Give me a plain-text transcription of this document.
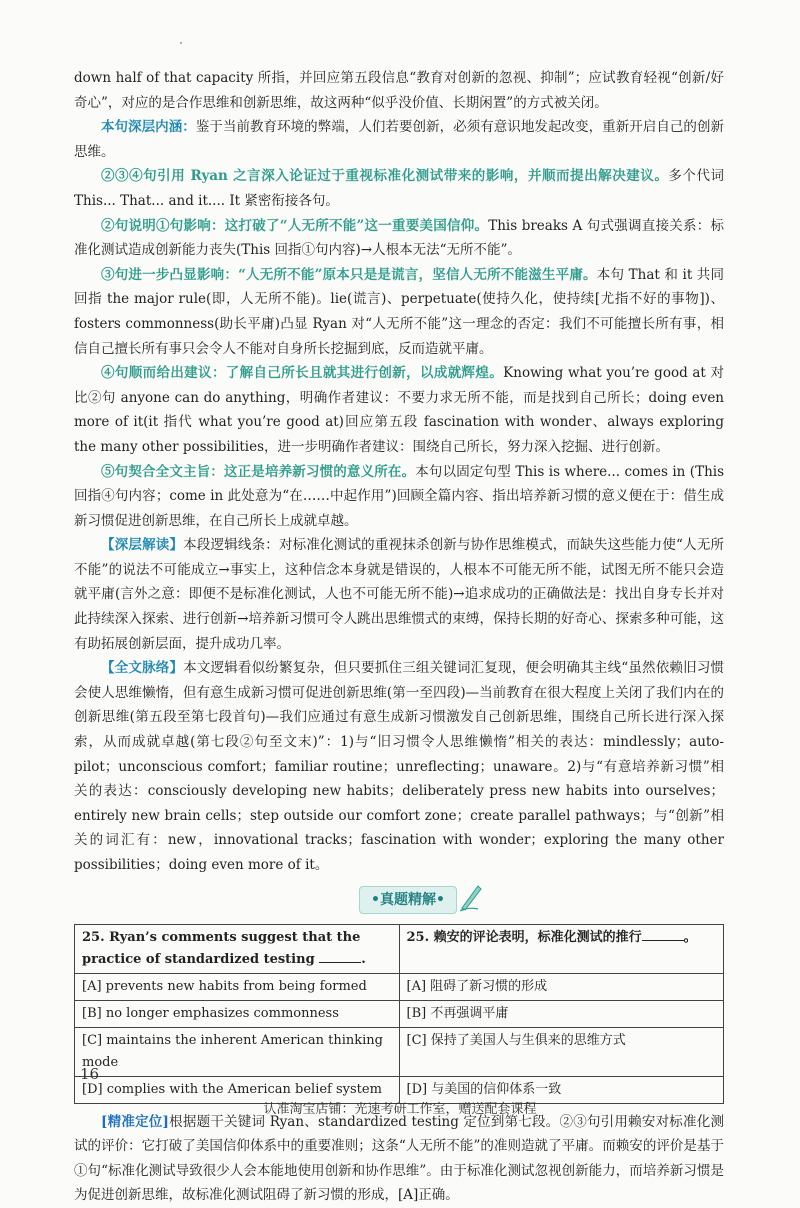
down half of that capacity 所指，并回应第五段信息“教育对创新的忽视、抑制”；应试教育轻视“创新/好奇心”，对应的是合作思维和创新思维，故这两种“似乎没价值、长期闲置”的方式被关闭。

本句深层内涵：鉴于当前教育环境的弊端，人们若要创新，必须有意识地发起改变，重新开启自己的创新思维。

②③④句引用 Ryan 之言深入论证过于重视标准化测试带来的影响，并顺而提出解决建议。多个代词 This... That... and it.... It 紧密衔接各句。

②句说明①句影响：这打破了“人无所不能”这一重要美国信仰。This breaks A 句式强调直接关系：标准化测试造成创新能力丧失(This 回指①句内容)→人根本无法“无所不能”。

③句进一步凸显影响：“人无所不能”原本只是是谎言，坚信人无所不能滋生平庸。本句 That 和 it 共同回指 the major rule(即，人无所不能)。lie(谎言)、perpetuate(使持久化，使持续[尤指不好的事物])、fosters commonness(助长平庸)凸显 Ryan 对“人无所不能”这一理念的否定：我们不可能擅长所有事，相信自己擅长所有事只会令人不能对自身所长挖掘到底，反而造就平庸。

④句顺而给出建议：了解自己所长且就其进行创新，以成就辉煌。Knowing what you’re good at 对比②句 anyone can do anything，明确作者建议：不要力求无所不能，而是找到自己所长；doing even more of it(it 指代 what you’re good at)回应第五段 fascination with wonder、always exploring the many other possibilities，进一步明确作者建议：围绕自己所长，努力深入挖掘、进行创新。

⑤句契合全文主旨：这正是培养新习惯的意义所在。本句以固定句型 This is where... comes in (This 回指④句内容；come in 此处意为“在……中起作用”)回顾全篇内容、指出培养新习惯的意义便在于：借生成新习惯促进创新思维，在自己所长上成就卓越。

【深层解读】本段逻辑线条：对标准化测试的重视抹杀创新与协作思维模式，而缺失这些能力使“人无所不能”的说法不可能成立→事实上，这种信念本身就是错误的，人根本不可能无所不能，试图无所不能只会造就平庸(言外之意：即便不是标准化测试，人也不可能无所不能)→追求成功的正确做法是：找出自身专长并对此持续深入探索、进行创新→培养新习惯可令人跳出思维惯式的束缚，保持长期的好奇心、探索多种可能，这有助拓展创新层面，提升成功几率。

【全文脉络】本文逻辑看似纷繁复杂，但只要抓住三组关键词汇复现，便会明确其主线“虽然依赖旧习惯会使人思维懒惰，但有意生成新习惯可促进创新思维(第一至四段)—当前教育在很大程度上关闭了我们内在的创新思维(第五段至第七段首句)—我们应通过有意生成新习惯激发自己创新思维，围绕自己所长进行深入探索，从而成就卓越(第七段②句至文末)”：1)与“旧习惯令人思维懒惰”相关的表达：mindlessly；auto-pilot；unconscious comfort；familiar routine；unreflecting；unaware。2)与“有意培养新习惯”相关的表达：consciously developing new habits；deliberately press new habits into ourselves；entirely new brain cells；step outside our comfort zone；create parallel pathways；与“创新”相关的词汇有：new，innovational tracks；fascination with wonder；exploring the many other possibilities；doing even more of it。

•真题精解•
25. Ryan’s comments suggest that the practice of standardized testing .	25. 赖安的评论表明，标准化测试的推行 。
[A] prevents new habits from being formed	[A] 阻碍了新习惯的形成
[B] no longer emphasizes commonness	[B] 不再强调平庸
[C] maintains the inherent American thinking mode	[C] 保持了美国人与生俱来的思维方式
[D] complies with the American belief system	[D] 与美国的信仰体系一致

[精准定位]根据题干关键词 Ryan、standardized testing 定位到第七段。②③句引用赖安对标准化测试的评价：它打破了美国信仰体系中的重要准则；这条“人无所不能”的准则造就了平庸。而赖安的评价是基于①句“标准化测试导致很少人会本能地使用创新和协作思维”。由于标准化测试忽视创新能力，而培养新习惯是为促进创新思维，故标准化测试阻碍了新习惯的形成，[A]正确。

16
认准淘宝店铺：光速考研工作室，赠送配套课程
